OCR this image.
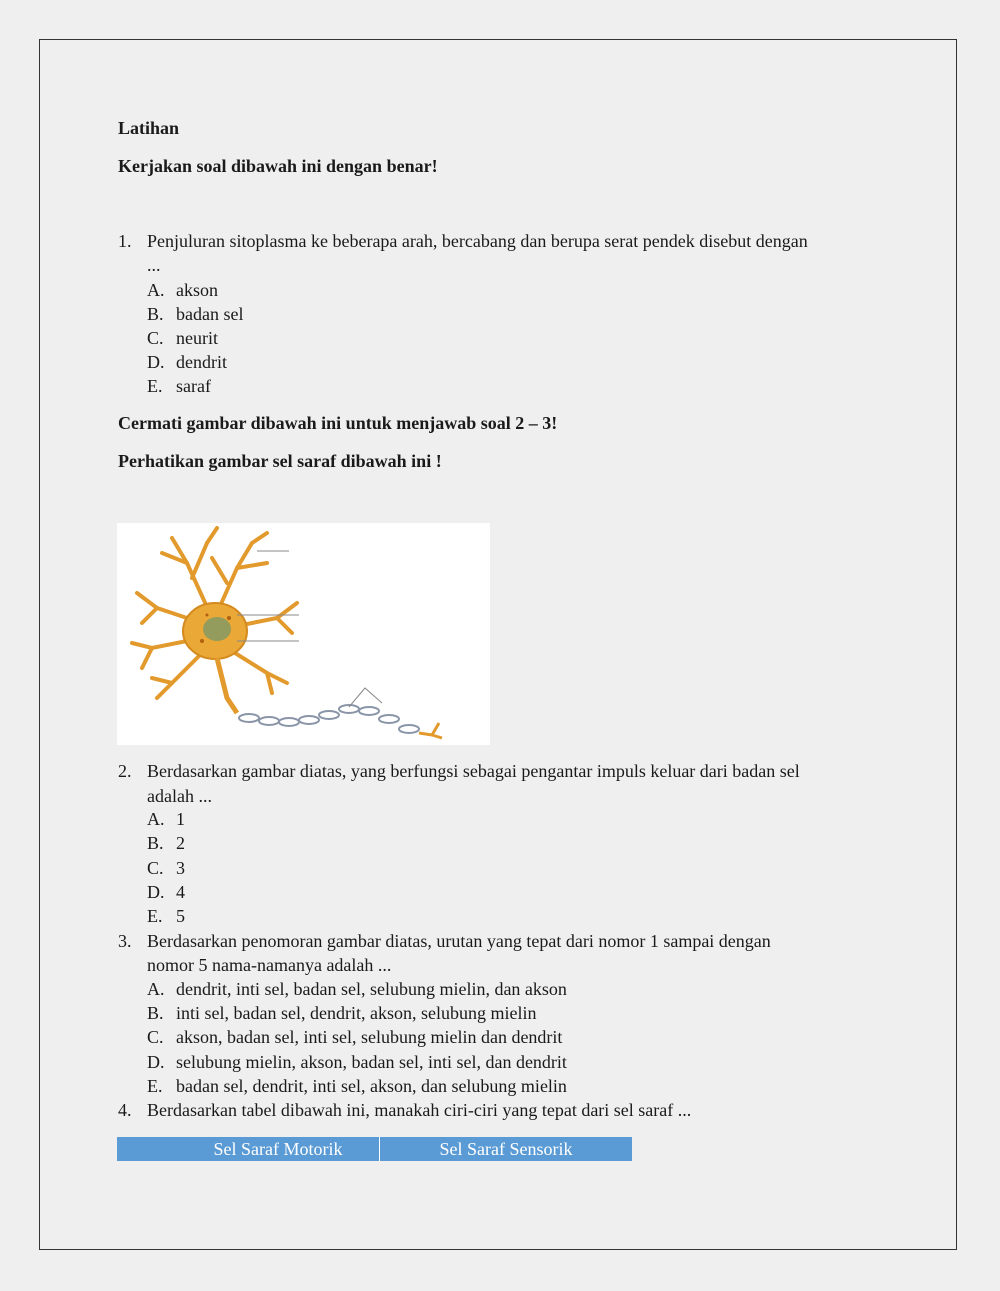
Latihan
Kerjakan soal dibawah ini dengan benar!
1. Penjuluran sitoplasma ke beberapa arah, bercabang dan berupa serat pendek disebut dengan
...
A. akson
B. badan sel
C. neurit
D. dendrit
E. saraf
Cermati gambar dibawah ini untuk menjawab soal 2 – 3!
Perhatikan gambar sel saraf dibawah ini !
2. Berdasarkan gambar diatas, yang berfungsi sebagai pengantar impuls keluar dari badan sel
adalah ...
A. 1
B. 2
C. 3
D. 4
E. 5
3. Berdasarkan penomoran gambar diatas, urutan yang tepat dari nomor 1 sampai dengan
nomor 5 nama-namanya adalah ...
A. dendrit, inti sel, badan sel, selubung mielin, dan akson
B. inti sel, badan sel, dendrit, akson, selubung mielin
C. akson, badan sel, inti sel, selubung mielin dan dendrit
D. selubung mielin, akson, badan sel, inti sel, dan dendrit
E. badan sel, dendrit, inti sel, akson, dan selubung mielin
4. Berdasarkan tabel dibawah ini, manakah ciri-ciri yang tepat dari sel saraf ...
Sel Saraf Motorik	Sel Saraf Sensorik
